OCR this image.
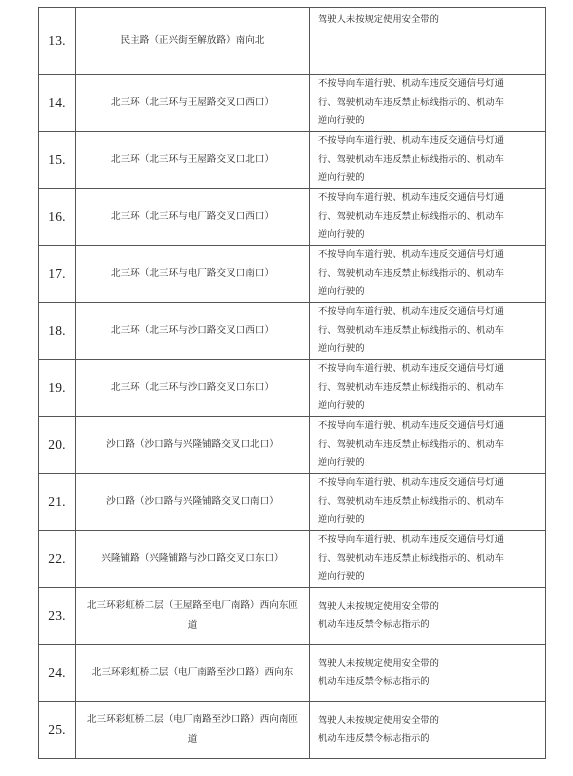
13.	民主路（正兴街至解放路）南向北	驾驶人未按规定使用安全带的

14.	北三环（北三环与王屋路交叉口西口）	不按导向车道行驶、机动车违反交通信号灯通
行、驾驶机动车违反禁止标线指示的、机动车
逆向行驶的

15.	北三环（北三环与王屋路交叉口北口）	不按导向车道行驶、机动车违反交通信号灯通
行、驾驶机动车违反禁止标线指示的、机动车
逆向行驶的

16.	北三环（北三环与电厂路交叉口西口）	不按导向车道行驶、机动车违反交通信号灯通
行、驾驶机动车违反禁止标线指示的、机动车
逆向行驶的

17.	北三环（北三环与电厂路交叉口南口）	不按导向车道行驶、机动车违反交通信号灯通
行、驾驶机动车违反禁止标线指示的、机动车
逆向行驶的

18.	北三环（北三环与沙口路交叉口西口）	不按导向车道行驶、机动车违反交通信号灯通
行、驾驶机动车违反禁止标线指示的、机动车
逆向行驶的

19.	北三环（北三环与沙口路交叉口东口）	不按导向车道行驶、机动车违反交通信号灯通
行、驾驶机动车违反禁止标线指示的、机动车
逆向行驶的

20.	沙口路（沙口路与兴隆铺路交叉口北口）	不按导向车道行驶、机动车违反交通信号灯通
行、驾驶机动车违反禁止标线指示的、机动车
逆向行驶的

21.	沙口路（沙口路与兴隆铺路交叉口南口）	不按导向车道行驶、机动车违反交通信号灯通
行、驾驶机动车违反禁止标线指示的、机动车
逆向行驶的

22.	兴隆铺路（兴隆铺路与沙口路交叉口东口）	不按导向车道行驶、机动车违反交通信号灯通
行、驾驶机动车违反禁止标线指示的、机动车
逆向行驶的

23.	北三环彩虹桥二层（王屋路至电厂南路）西向东匝道	驾驶人未按规定使用安全带的
机动车违反禁令标志指示的

24.	北三环彩虹桥二层（电厂南路至沙口路）西向东	驾驶人未按规定使用安全带的
机动车违反禁令标志指示的

25.	北三环彩虹桥二层（电厂南路至沙口路）西向南匝道	驾驶人未按规定使用安全带的
机动车违反禁令标志指示的
